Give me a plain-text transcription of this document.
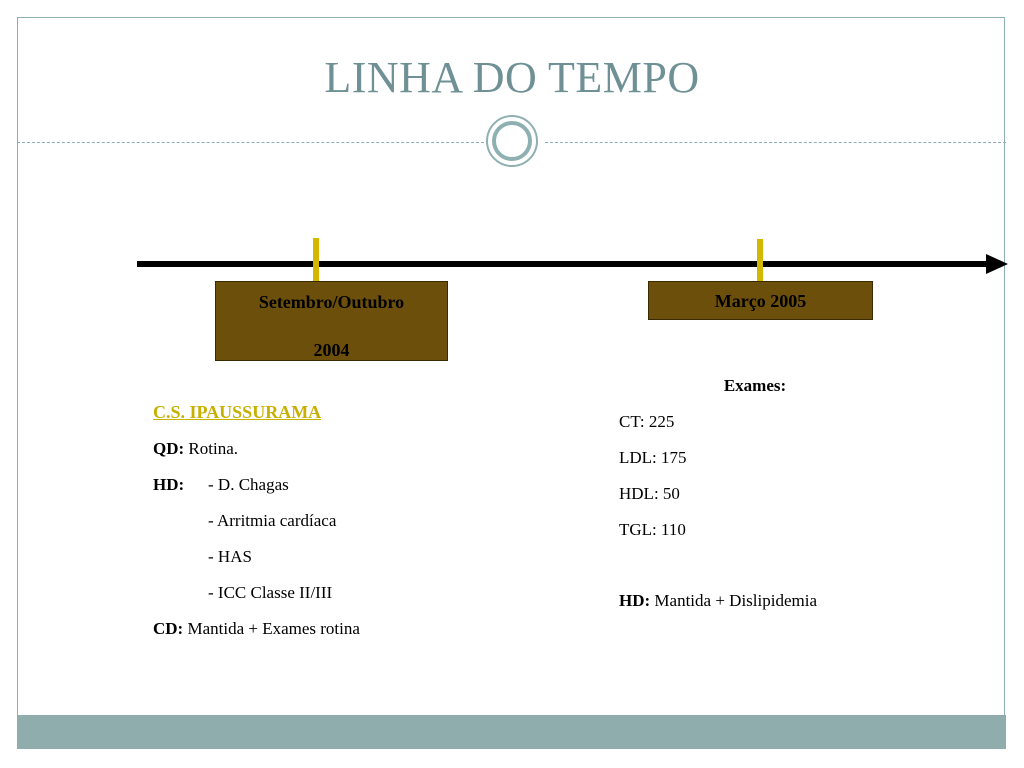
LINHA DO TEMPO
Setembro/Outubro
2004
Março 2005
C.S. IPAUSSURAMA
QD: Rotina.
HD: - D. Chagas
- Arritmia cardíaca
- HAS
- ICC Classe II/III
CD: Mantida + Exames rotina
Exames:
CT: 225
LDL: 175
HDL: 50
TGL: 110
HD: Mantida + Dislipidemia
